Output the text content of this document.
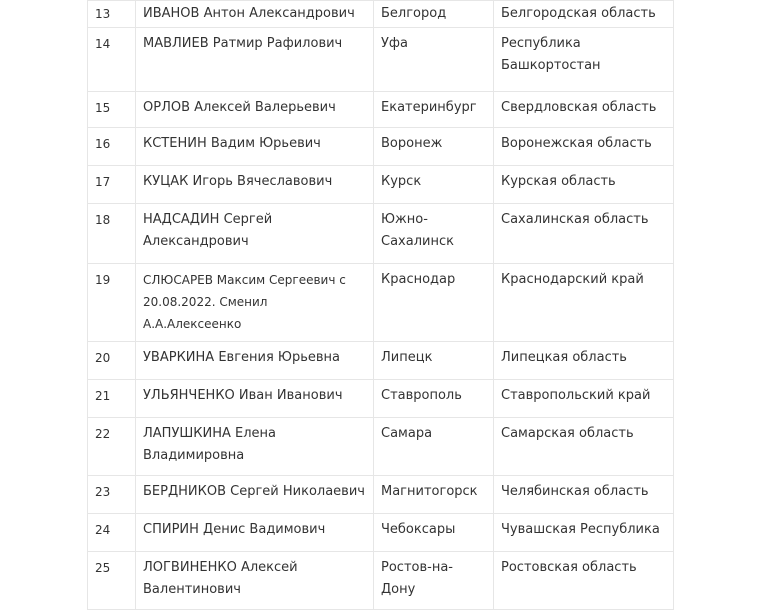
13	ИВАНОВ Антон Александрович	Белгород	Белгородская область
14	МАВЛИЕВ Ратмир Рафилович	Уфа	Республика Башкортостан
15	ОРЛОВ Алексей Валерьевич	Екатеринбург	Свердловская область
16	КСТЕНИН Вадим Юрьевич	Воронеж	Воронежская область
17	КУЦАК Игорь Вячеславович	Курск	Курская область
18	НАДСАДИН Сергей Александрович	Южно-Сахалинск	Сахалинская область
19	СЛЮСАРЕВ Максим Сергеевич с 20.08.2022. Сменил А.А.Алексеенко	Краснодар	Краснодарский край
20	УВАРКИНА Евгения Юрьевна	Липецк	Липецкая область
21	УЛЬЯНЧЕНКО Иван Иванович	Ставрополь	Ставропольский край
22	ЛАПУШКИНА Елена Владимировна	Самара	Самарская область
23	БЕРДНИКОВ Сергей Николаевич	Магнитогорск	Челябинская область
24	СПИРИН Денис Вадимович	Чебоксары	Чувашская Республика
25	ЛОГВИНЕНКО Алексей Валентинович	Ростов-на-Дону	Ростовская область
